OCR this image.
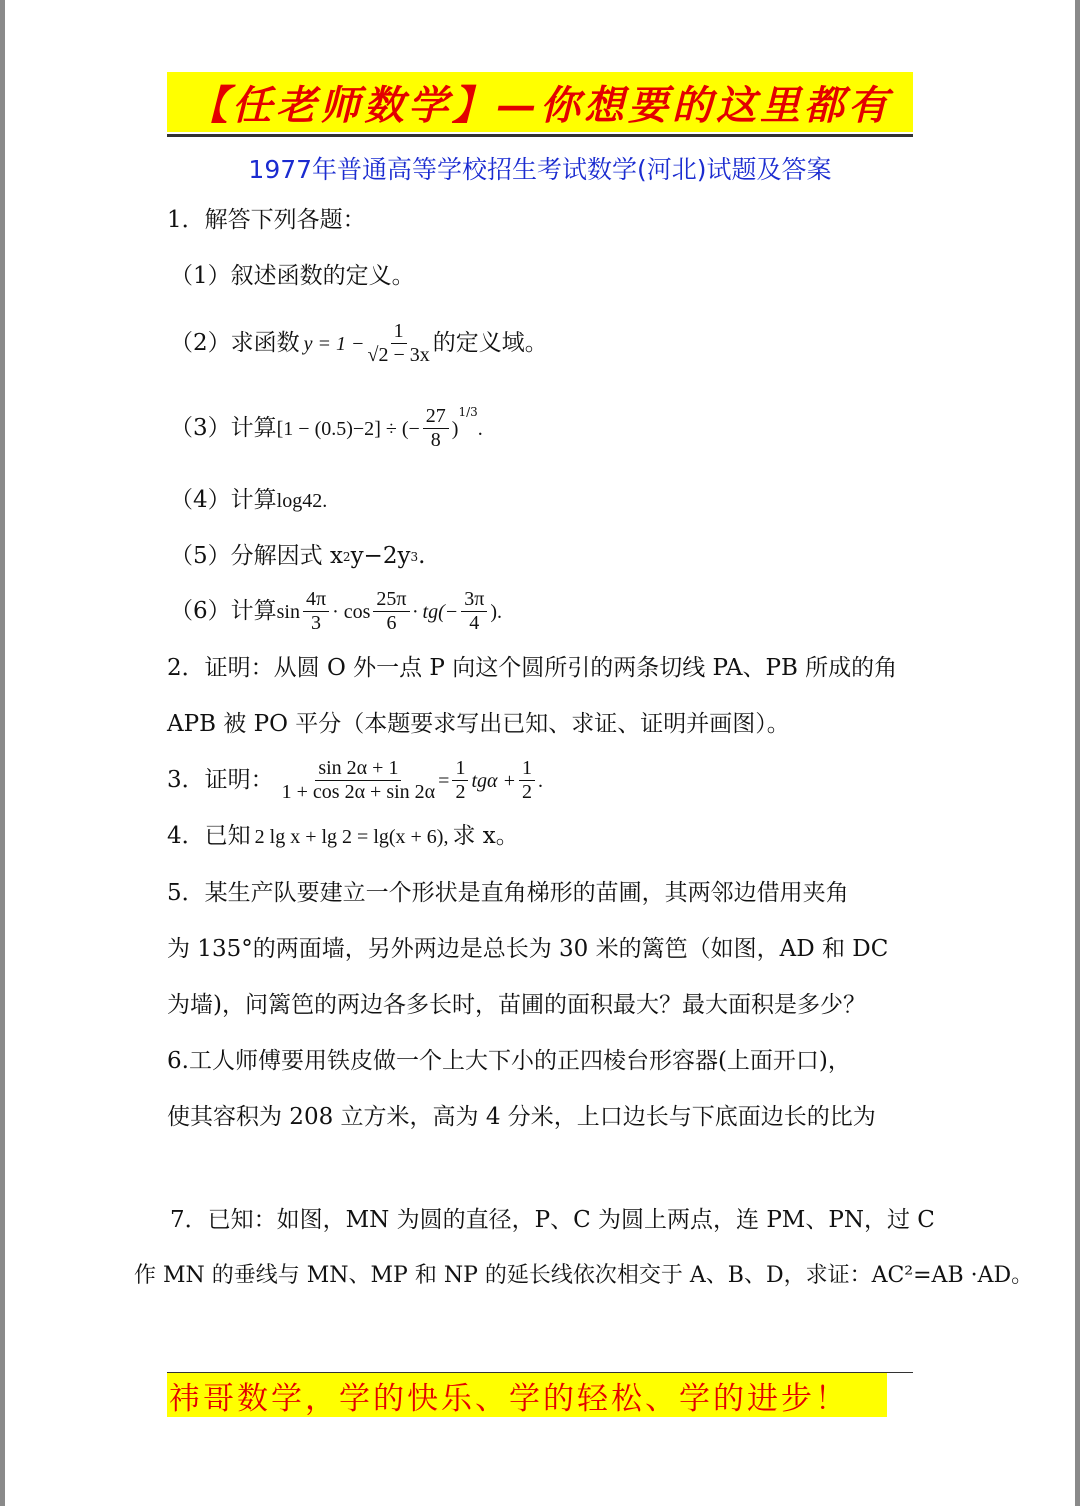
【任老师数学】—你想要的这里都有
1977年普通高等学校招生考试数学(河北)试题及答案
1．解答下列各题：
（1）叙述函数的定义。
（2）求函数 $y = 1 - \frac{1}{√2 - 3x}$ 的定义域。
（3）计算 [1 − (0.5) −2 ] ÷ (− $\frac{27}{8}$ )
$^{1/3}$
.
（4）计算 log 4 2.
（5）分解因式 x 2 y−2y 3 .
（6）计算 $\sin \frac{4\pi}{3} \cdot \cos \frac{25\pi}{6} \cdot tg(- \frac{3\pi}{4}$ ).
2．证明：从圆 O 外一点 P 向这个圆所引的两条切线 PA、PB 所成的角
APB 被 PO 平分（本题要求写出已知、求证、证明并画图）。
3．证明： $\frac{\sin 2\alpha + 1}{1 + \cos 2\alpha + \sin 2\alpha} = \frac{1}{2}$ $tg\alpha + \frac{1}{2}$ .
4．已知 2 lg x + lg 2 = lg(x + 6), 求 x。
5．某生产队要建立一个形状是直角梯形的苗圃，其两邻边借用夹角
为 135°的两面墙，另外两边是总长为 30 米的篱笆（如图，AD 和 DC
为墙)，问篱笆的两边各多长时，苗圃的面积最大？最大面积是多少？
6.工人师傅要用铁皮做一个上大下小的正四棱台形容器(上面开口)，
使其容积为 208 立方米，高为 4 分米，上口边长与下底面边长的比为
7．已知：如图，MN 为圆的直径，P、C 为圆上两点，连 PM、PN，过 C
作 MN 的垂线与 MN、MP 和 NP 的延长线依次相交于 A、B、D，求证：AC²=AB ·AD。
祎哥数学，学的快乐、学的轻松、学的进步！
